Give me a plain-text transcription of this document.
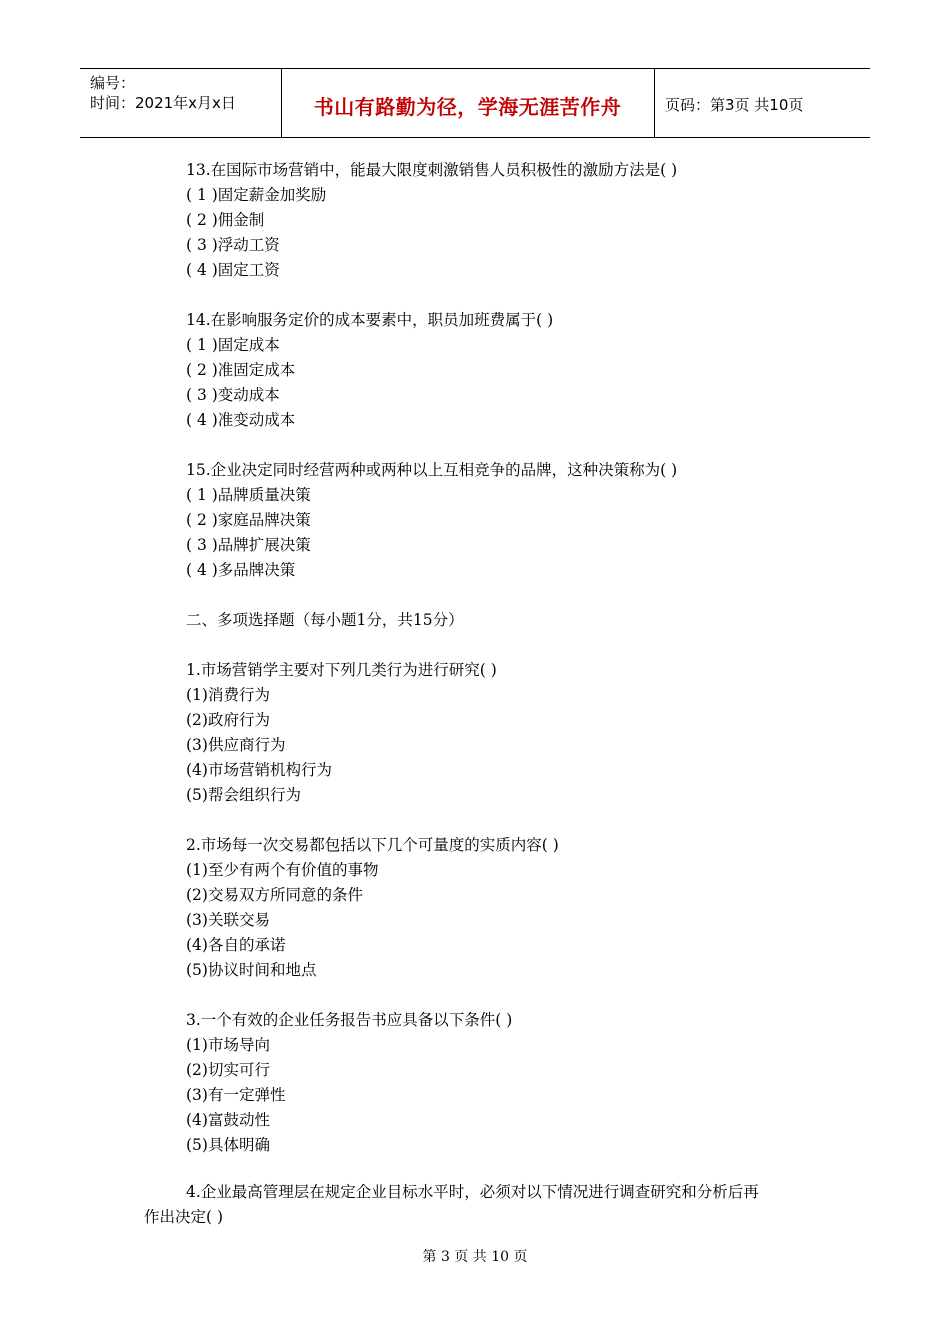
编号：
时间：2021年x月x日	书山有路勤为径，学海无涯苦作舟	页码：第3页 共10页
13.在国际市场营销中，能最大限度刺激销售人员积极性的激励方法是( )
( 1 )固定薪金加奖励
( 2 )佣金制
( 3 )浮动工资
( 4 )固定工资
14.在影响服务定价的成本要素中，职员加班费属于( )
( 1 )固定成本
( 2 )准固定成本
( 3 )变动成本
( 4 )准变动成本
15.企业决定同时经营两种或两种以上互相竞争的品牌，这种决策称为( )
( 1 )品牌质量决策
( 2 )家庭品牌决策
( 3 )品牌扩展决策
( 4 )多品牌决策
二、多项选择题（每小题1分，共15分）
1.市场营销学主要对下列几类行为进行研究( )
(1)消费行为
(2)政府行为
(3)供应商行为
(4)市场营销机构行为
(5)帮会组织行为
2.市场每一次交易都包括以下几个可量度的实质内容( )
(1)至少有两个有价值的事物
(2)交易双方所同意的条件
(3)关联交易
(4)各自的承诺
(5)协议时间和地点
3.一个有效的企业任务报告书应具备以下条件( )
(1)市场导向
(2)切实可行
(3)有一定弹性
(4)富鼓动性
(5)具体明确
4.企业最高管理层在规定企业目标水平时，必须对以下情况进行调查研究和分析后再
作出决定( )
第 3 页 共 10 页
